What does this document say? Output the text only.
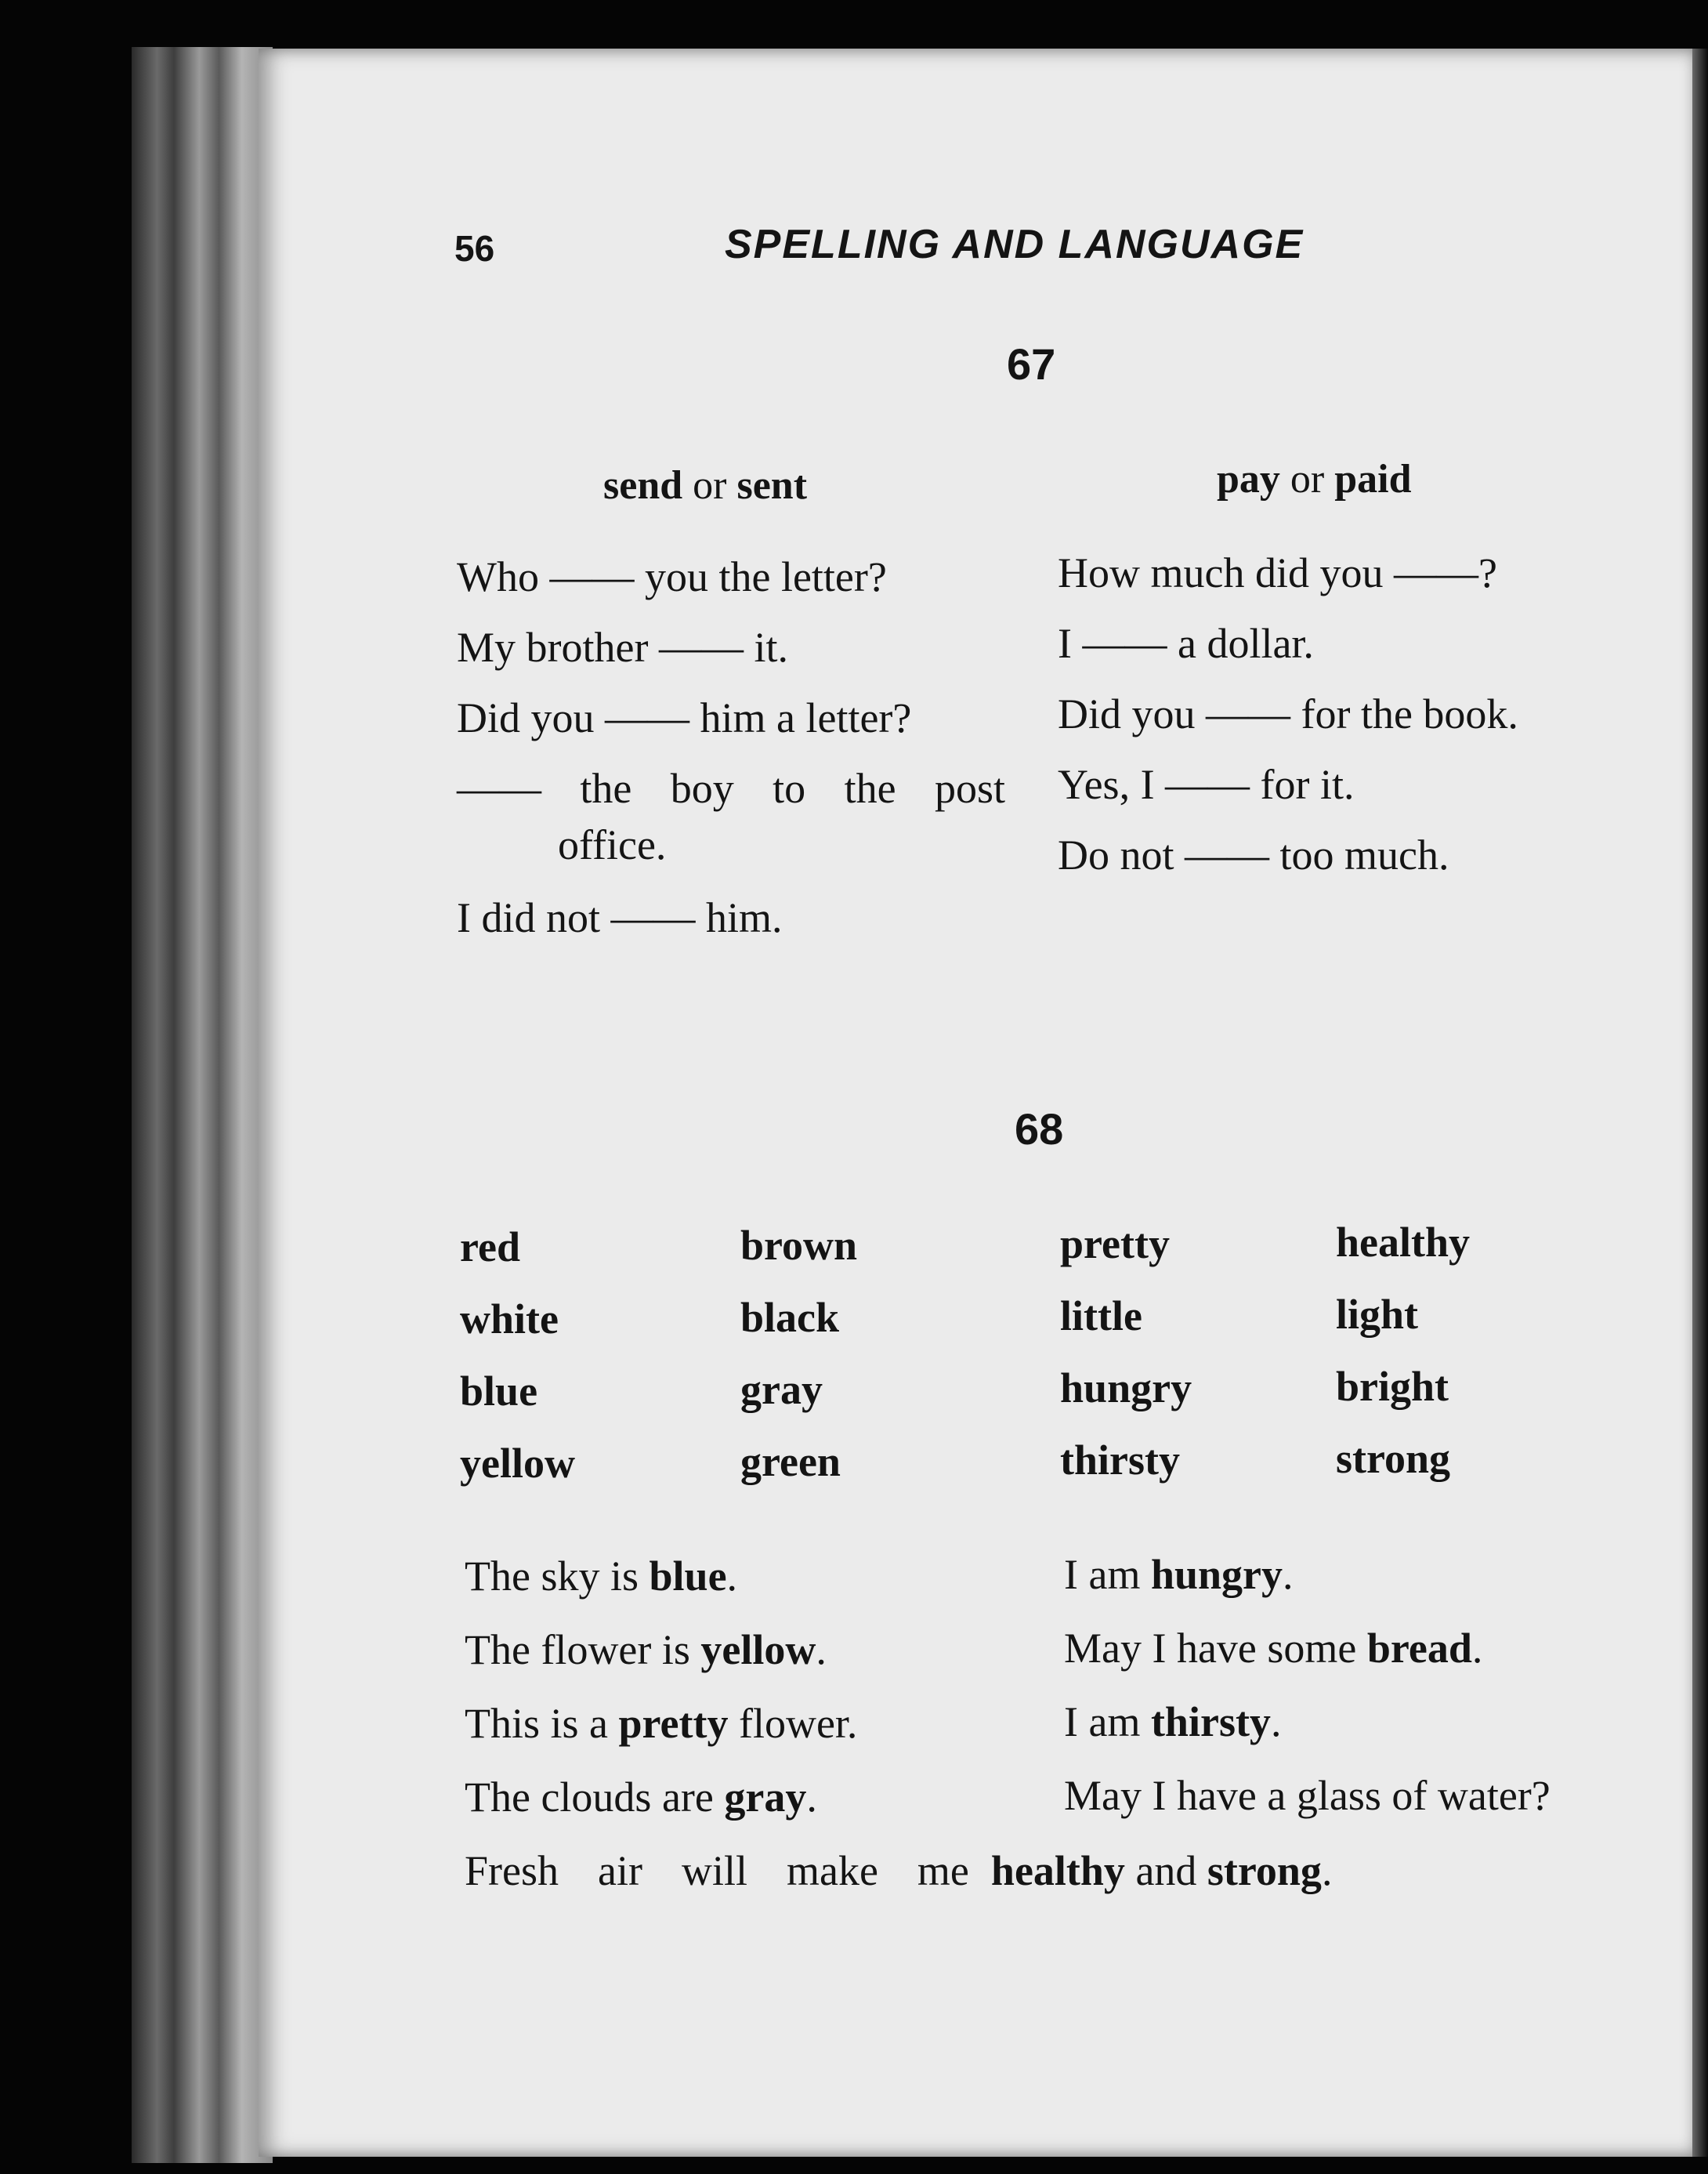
56	SPELLING AND LANGUAGE
67
send or sent	pay or paid
Who —— you the letter?
My brother —— it.
Did you —— him a letter?
—— the boy to the post
office.
I did not —— him.
How much did you ——?
I —— a dollar.
Did you —— for the book.
Yes, I —— for it.
Do not —— too much.
68
red
white
blue
yellow
brown
black
gray
green
pretty
little
hungry
thirsty
healthy
light
bright
strong
The sky is blue.
The flower is yellow.
This is a pretty flower.
The clouds are gray.
I am hungry.
May I have some bread.
I am thirsty.
May I have a glass of water?
Fresh air will make me healthy and strong.
